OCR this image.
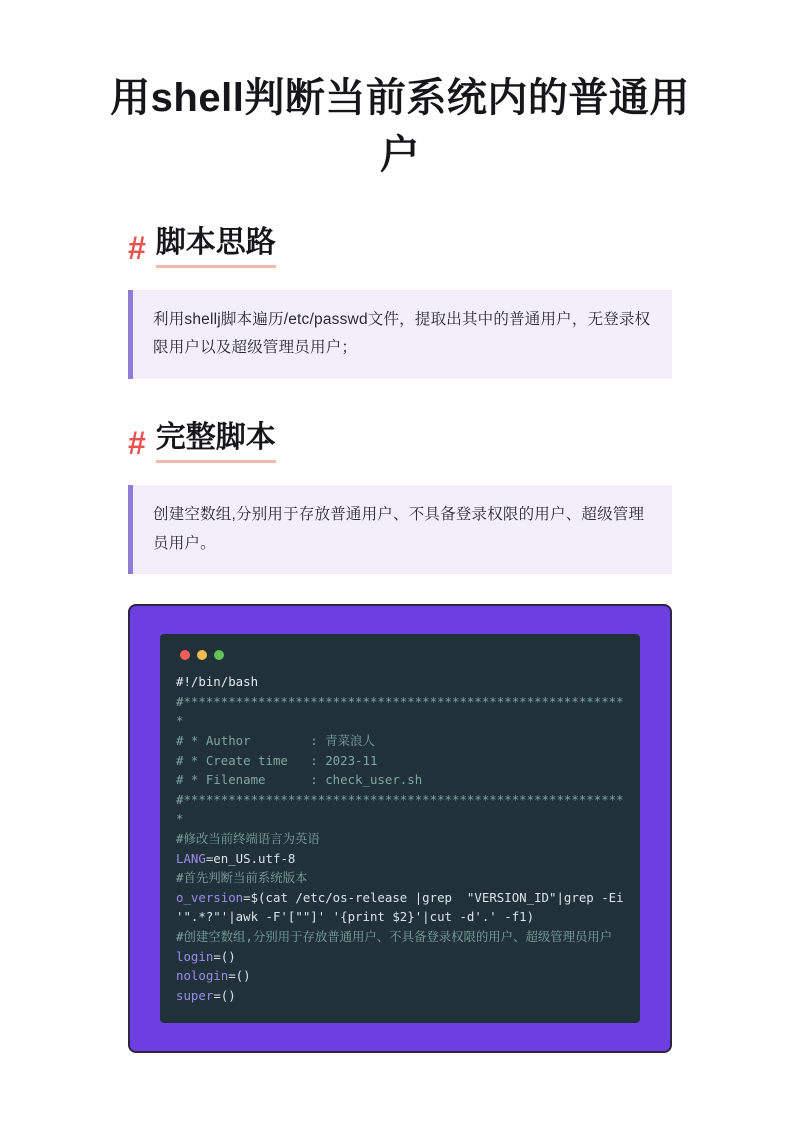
用shell判断当前系统内的普通用户
# 脚本思路
利用shellj脚本遍历/etc/passwd文件，提取出其中的普通用户，无登录权限用户以及超级管理员用户；
# 完整脚本
创建空数组,分别用于存放普通用户、不具备登录权限的用户、超级管理员用户。
#!/bin/bash
#************************************************************
# * Author        : 青菜浪人
# * Create time   : 2023-11
# * Filename      : check_user.sh
#************************************************************
#修改当前终端语言为英语
LANG=en_US.utf-8
#首先判断当前系统版本
o_version=$(cat /etc/os-release |grep  "VERSION_ID"|grep -Ei '".*?"'|awk -F'[""]' '{print $2}'|cut -d'.' -f1)
#创建空数组,分别用于存放普通用户、不具备登录权限的用户、超级管理员用户
login=()
nologin=()
super=()
